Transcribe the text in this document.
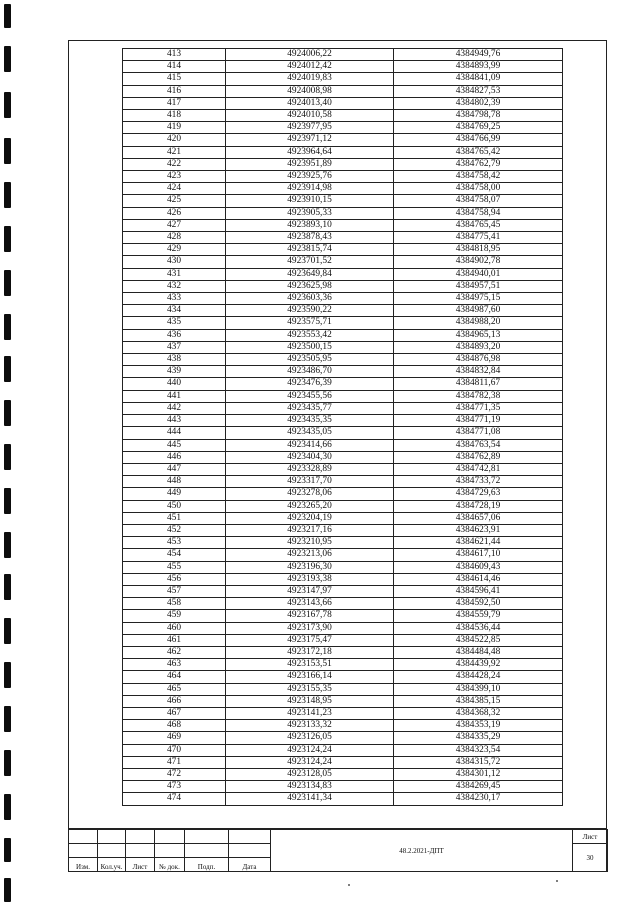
413	4924006,22	4384949,76
414	4924012,42	4384893,99
415	4924019,83	4384841,09
416	4924008,98	4384827,53
417	4924013,40	4384802,39
418	4924010,58	4384798,78
419	4923977,95	4384769,25
420	4923971,12	4384766,99
421	4923964,64	4384765,42
422	4923951,89	4384762,79
423	4923925,76	4384758,42
424	4923914,98	4384758,00
425	4923910,15	4384758,07
426	4923905,33	4384758,94
427	4923893,10	4384765,45
428	4923878,43	4384775,41
429	4923815,74	4384818,95
430	4923701,52	4384902,78
431	4923649,84	4384940,01
432	4923625,98	4384957,51
433	4923603,36	4384975,15
434	4923590,22	4384987,60
435	4923575,71	4384988,20
436	4923553,42	4384965,13
437	4923500,15	4384893,20
438	4923505,95	4384876,98
439	4923486,70	4384832,84
440	4923476,39	4384811,67
441	4923455,56	4384782,38
442	4923435,77	4384771,35
443	4923435,35	4384771,19
444	4923435,05	4384771,08
445	4923414,66	4384763,54
446	4923404,30	4384762,89
447	4923328,89	4384742,81
448	4923317,70	4384733,72
449	4923278,06	4384729,63
450	4923265,20	4384728,19
451	4923204,19	4384657,06
452	4923217,16	4384623,91
453	4923210,95	4384621,44
454	4923213,06	4384617,10
455	4923196,30	4384609,43
456	4923193,38	4384614,46
457	4923147,97	4384596,41
458	4923143,66	4384592,50
459	4923167,78	4384559,79
460	4923173,90	4384536,44
461	4923175,47	4384522,85
462	4923172,18	4384484,48
463	4923153,51	4384439,92
464	4923166,14	4384428,24
465	4923155,35	4384399,10
466	4923148,95	4384385,15
467	4923141,23	4384368,32
468	4923133,32	4384353,19
469	4923126,05	4384335,29
470	4923124,24	4384323,54
471	4923124,24	4384315,72
472	4923128,05	4384301,12
473	4923134,83	4384269,45
474	4923141,34	4384230,17
						48.2.2021-ДПТ	Лист
							30
Изм.	Кол.уч.	Лист	№ док.	Подп.	Дата		
